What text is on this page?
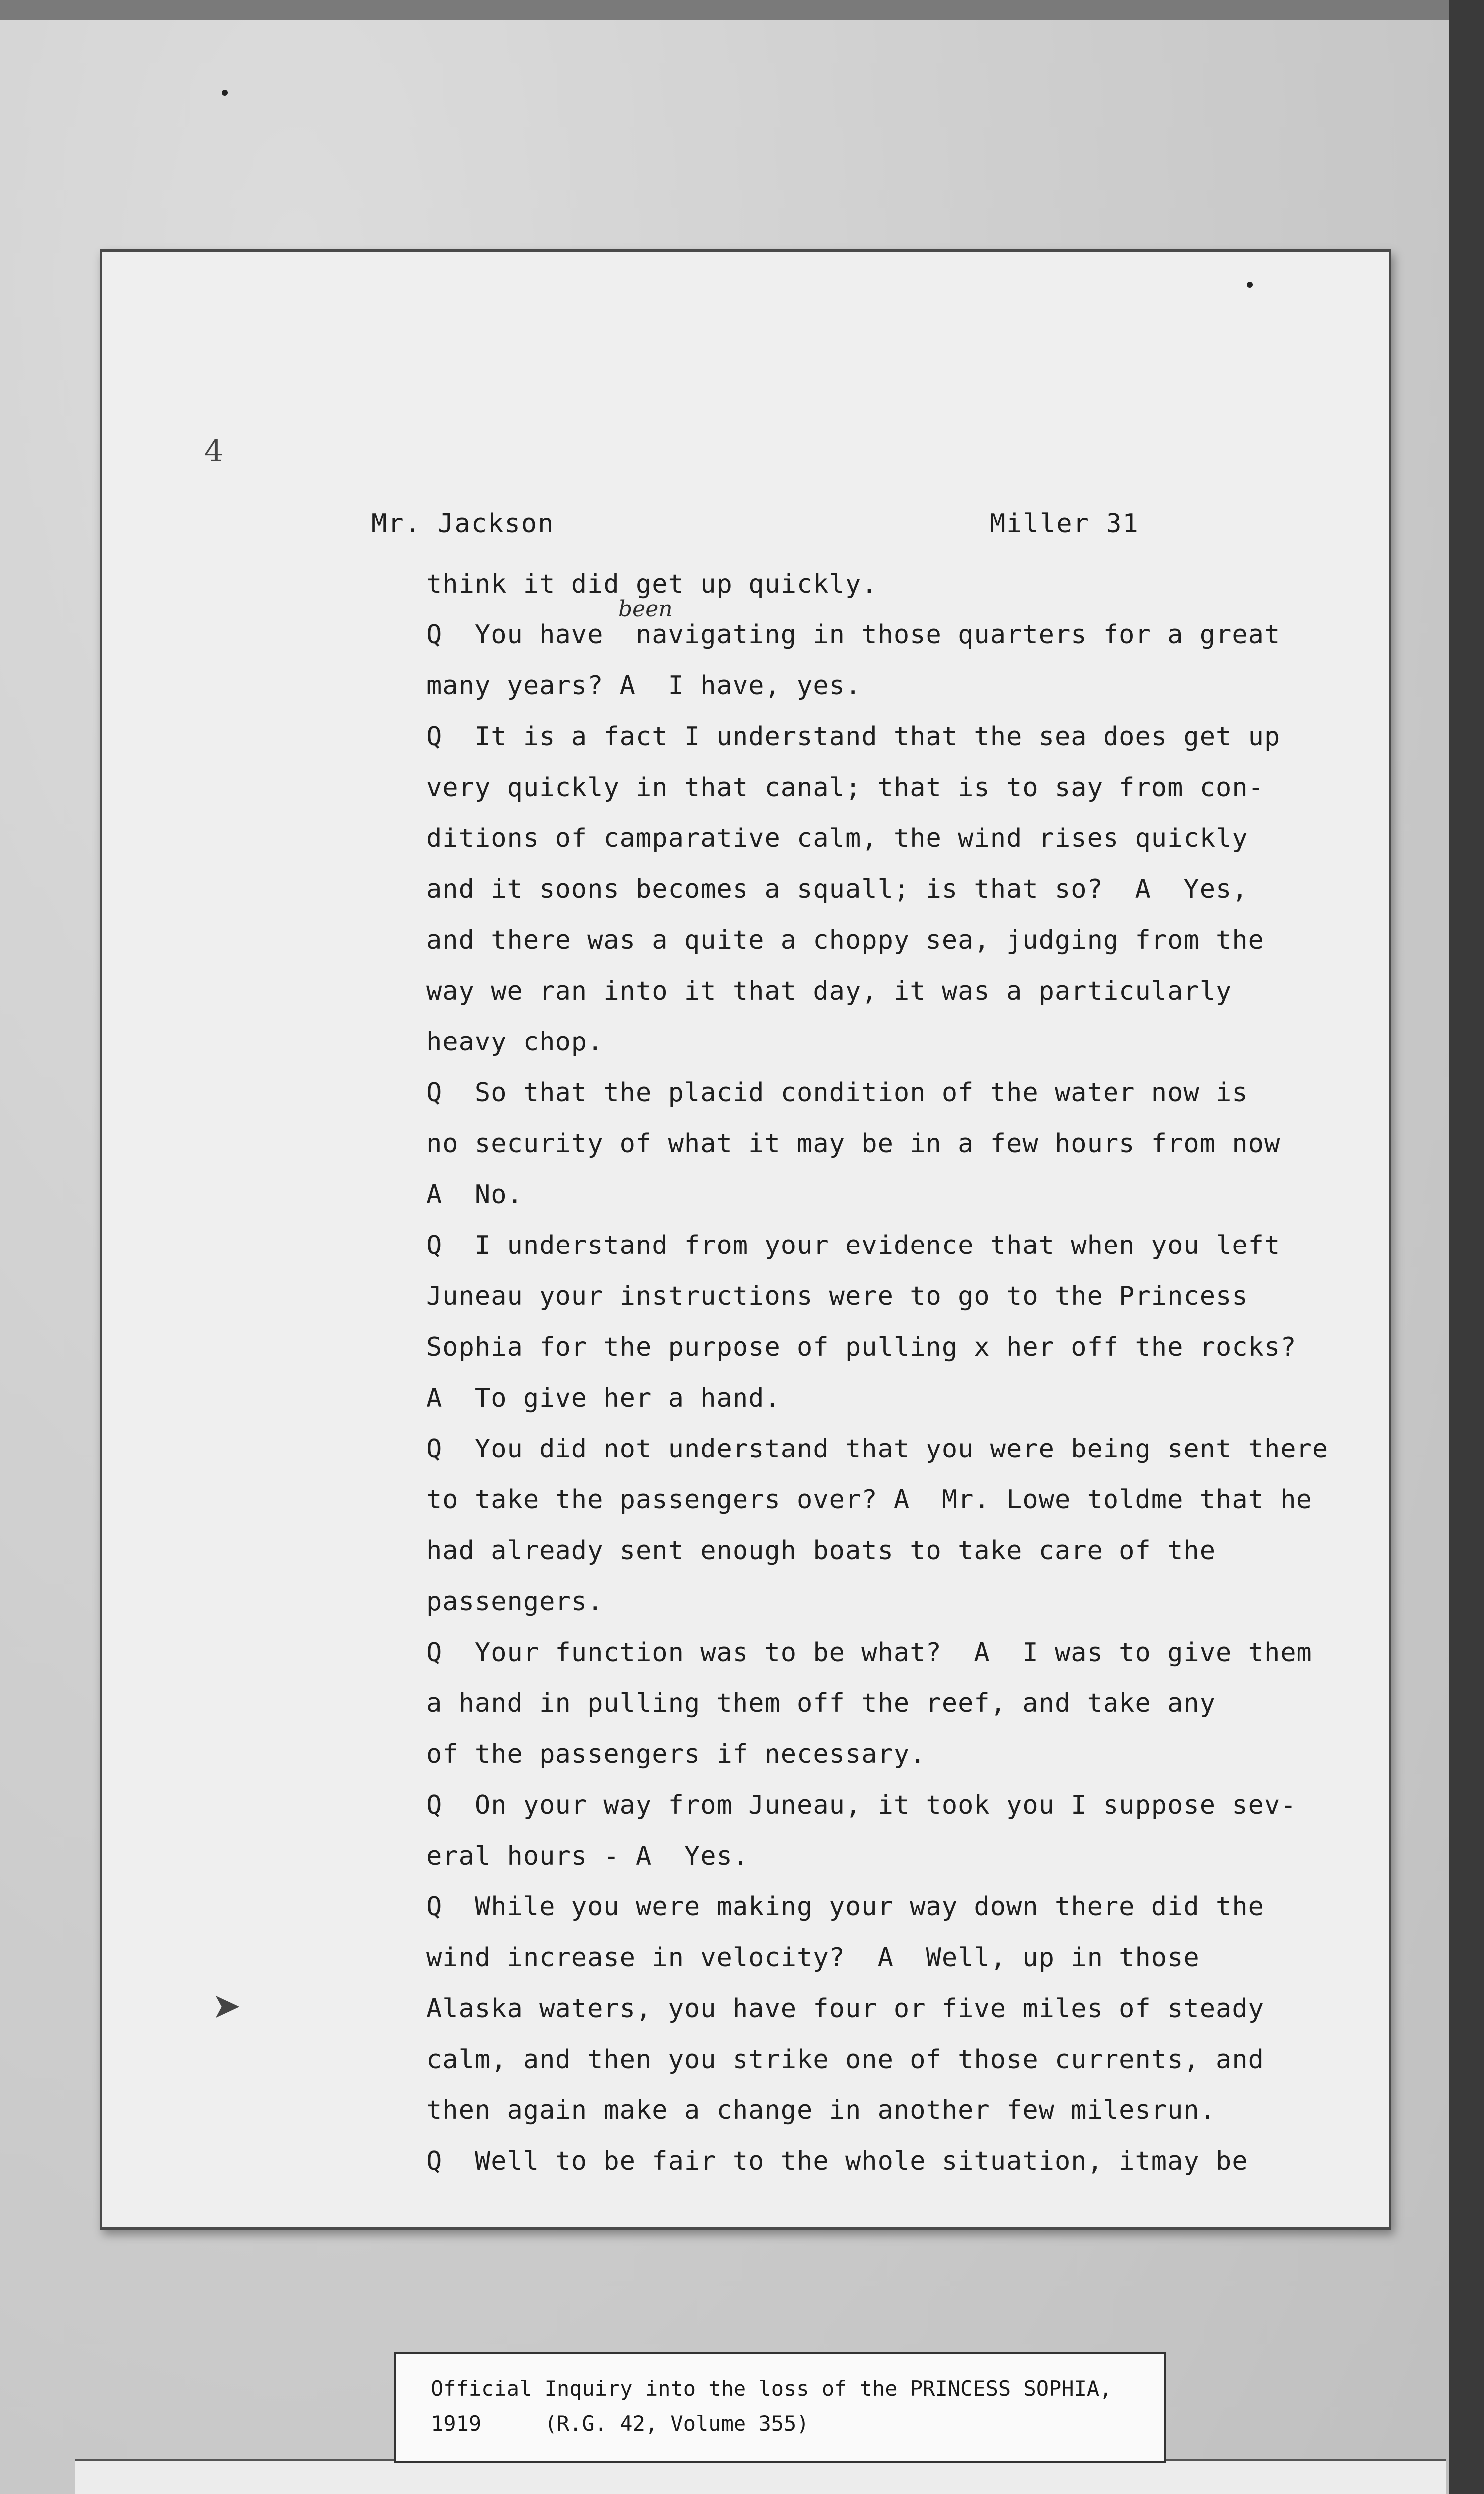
4
➤
Mr. Jackson	Miller 31
been
think it did get up quickly.
Q  You have  navigating in those quarters for a great
many years? A  I have, yes.
Q  It is a fact I understand that the sea does get up
very quickly in that canal; that is to say from con-
ditions of camparative calm, the wind rises quickly
and it soons becomes a squall; is that so?  A  Yes,
and there was a quite a choppy sea, judging from the
way we ran into it that day, it was a particularly
heavy chop.
Q  So that the placid condition of the water now is
no security of what it may be in a few hours from now
A  No.
Q  I understand from your evidence that when you left
Juneau your instructions were to go to the Princess
Sophia for the purpose of pulling x her off the rocks?
A  To give her a hand.
Q  You did not understand that you were being sent there
to take the passengers over? A  Mr. Lowe toldme that he
had already sent enough boats to take care of the
passengers.
Q  Your function was to be what?  A  I was to give them
a hand in pulling them off the reef, and take any
of the passengers if necessary.
Q  On your way from Juneau, it took you I suppose sev-
eral hours - A  Yes.
Q  While you were making your way down there did the
wind increase in velocity?  A  Well, up in those
Alaska waters, you have four or five miles of steady
calm, and then you strike one of those currents, and
then again make a change in another few milesrun.
Q  Well to be fair to the whole situation, itmay be
Official Inquiry into the loss of the PRINCESS SOPHIA,
1919     (R.G. 42, Volume 355)
